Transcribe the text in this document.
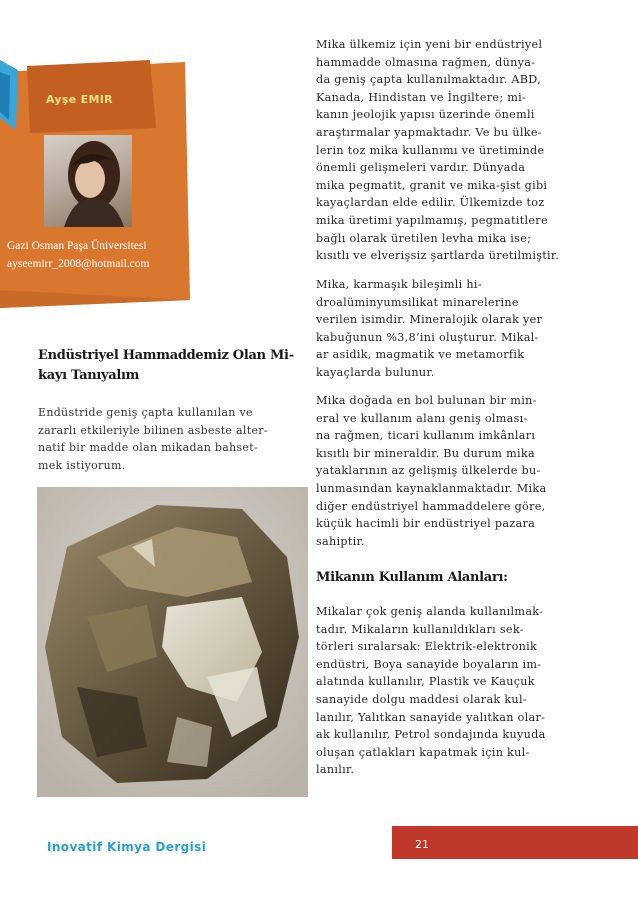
Ayşe EMIR
Gazi Osman Paşa Üniversitesi
ayseemirr_2008@hotmail.com
Endüstriyel Hammaddemiz Olan Mi-
kayı Tanıyalım
Endüstride geniş çapta kullanılan ve
zararlı etkileriyle bilinen asbeste alter-
natif bir madde olan mikadan bahset-
mek istiyorum.
Mika ülkemiz için yeni bir endüstriyel
hammadde olmasına rağmen, dünya-
da geniş çapta kullanılmaktadır. ABD,
Kanada, Hindistan ve İngiltere; mi-
kanın jeolojik yapısı üzerinde önemli
araştırmalar yapmaktadır. Ve bu ülke-
lerin toz mika kullanımı ve üretiminde
önemli gelişmeleri vardır. Dünyada
mika pegmatit, granit ve mika-şist gibi
kayaçlardan elde edilir. Ülkemizde toz
mika üretimi yapılmamış, pegmatitlere
bağlı olarak üretilen levha mika ise;
kısıtlı ve elverişsiz şartlarda üretilmiştir.
Mika, karmaşık bileşimli hi-
droalüminyumsilikat minarelerine
verilen isimdir. Mineralojik olarak yer
kabuğunun %3,8’ini oluşturur. Mikal-
ar asidik, magmatik ve metamorfik
kayaçlarda bulunur.
Mika doğada en bol bulunan bir min-
eral ve kullanım alanı geniş olması-
na rağmen, ticari kullanım imkânları
kısıtlı bir mineraldir. Bu durum mika
yataklarının az gelişmiş ülkelerde bu-
lunmasından kaynaklanmaktadır. Mika
diğer endüstriyel hammaddelere göre,
küçük hacimli bir endüstriyel pazara
sahiptir.
Mikanın Kullanım Alanları:
Mikalar çok geniş alanda kullanılmak-
tadır. Mikaların kullanıldıkları sek-
törleri sıralarsak: Elektrik-elektronik
endüstri, Boya sanayide boyaların im-
alatında kullanılır, Plastik ve Kauçuk
sanayide dolgu maddesi olarak kul-
lanılır, Yalıtkan sanayide yalıtkan olar-
ak kullanılır, Petrol sondajında kuyuda
oluşan çatlakları kapatmak için kul-
lanılır.
Inovatif Kimya Dergisi	21
